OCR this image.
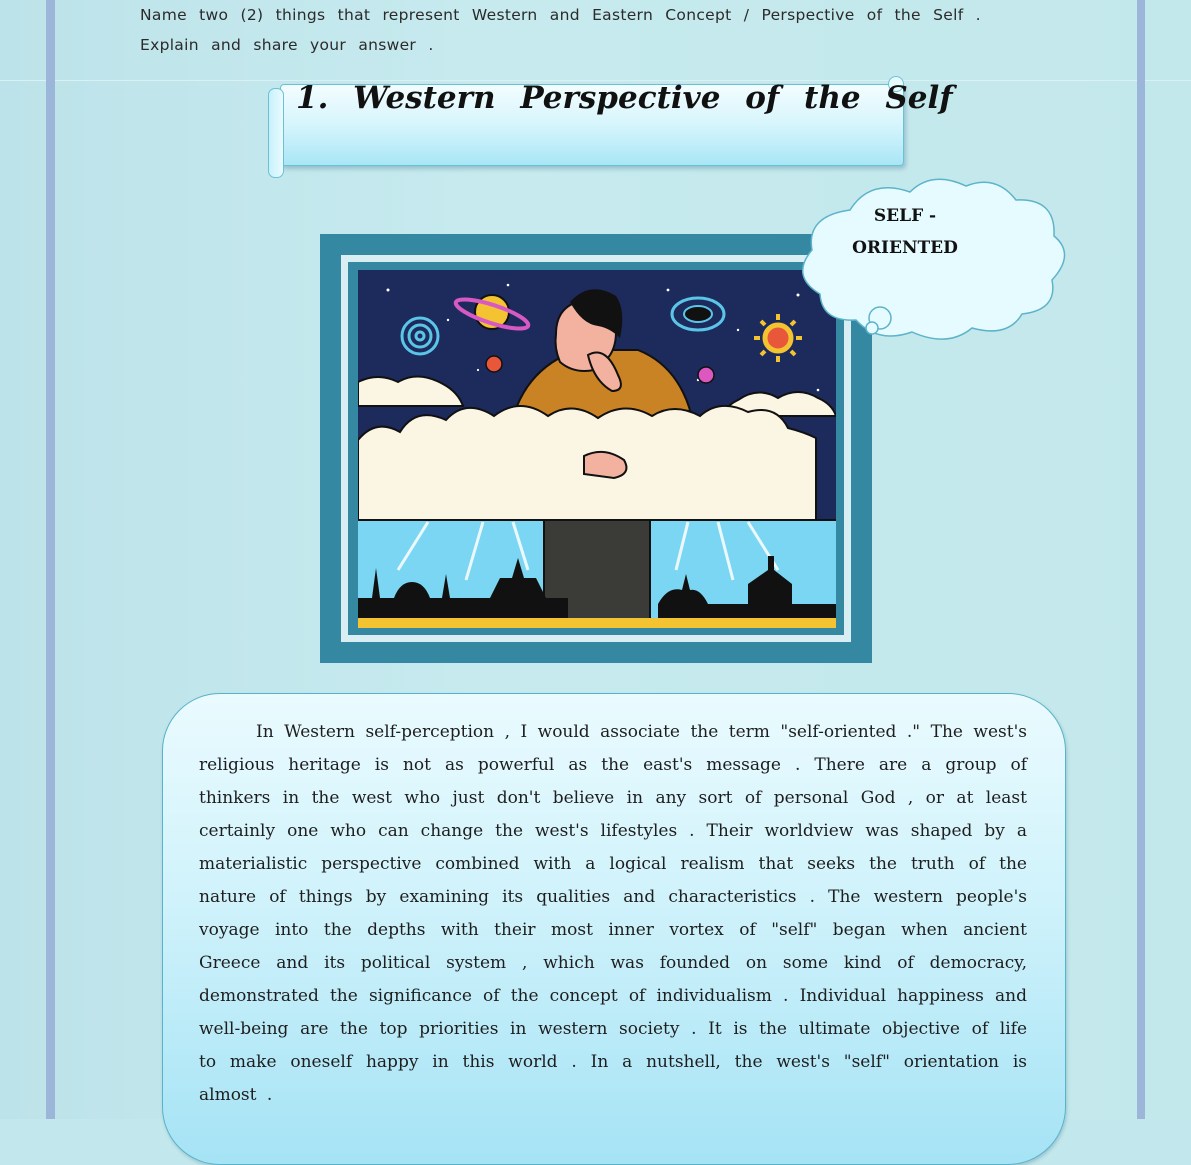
Name two (2) things that represent Western and Eastern Concept / Perspective of the Self .
Explain and share your answer .
1. Western Perspective of the Self
SELF -
ORIENTED
In Western self-perception , I would associate the term "self-oriented ." The west's religious heritage is not as powerful as the east's message . There are a group of thinkers in the west who just don't believe in any sort of personal God , or at least certainly one who can change the west's lifestyles . Their worldview was shaped by a materialistic perspective combined with a logical realism that seeks the truth of the nature of things by examining its qualities and characteristics . The western people's voyage into the depths with their most inner vortex of "self" began when ancient Greece and its political system , which was founded on some kind of democracy, demonstrated the significance of the concept of individualism . Individual happiness and well-being are the top priorities in western society . It is the ultimate objective of life to make oneself happy in this world . In a nutshell, the west's "self" orientation is almost .
